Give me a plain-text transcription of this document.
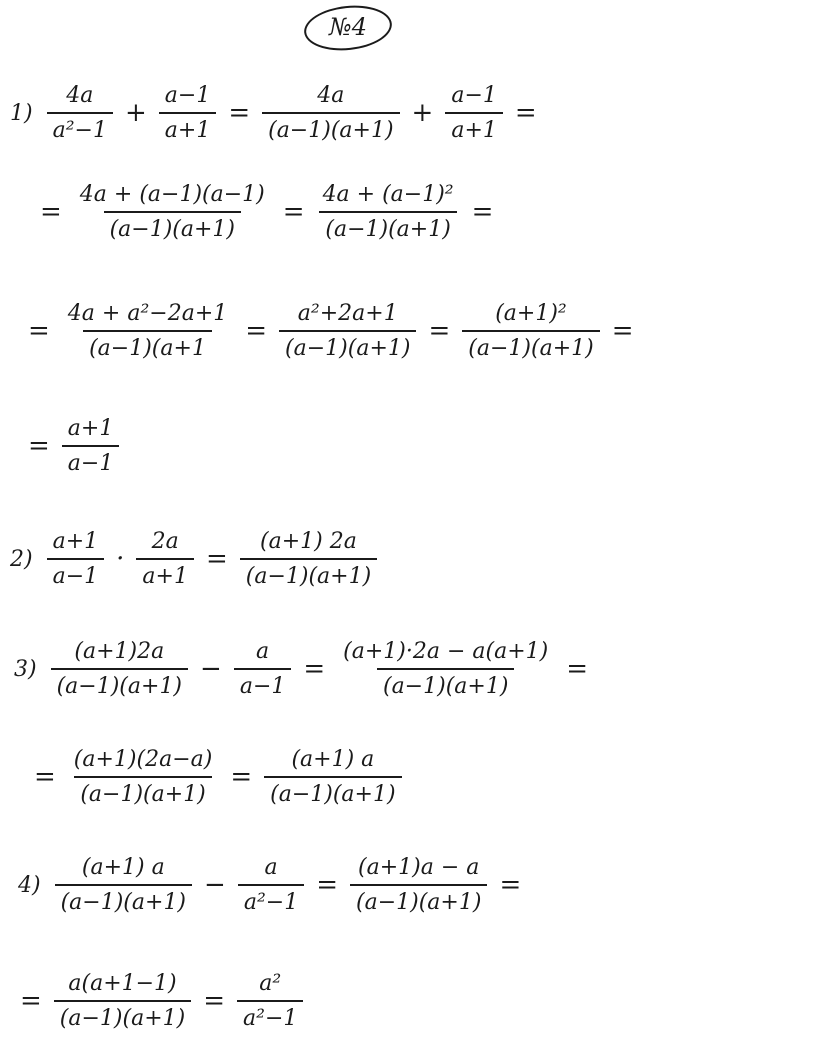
№4
$1) \frac{4a}{\text{a²−1}} + \frac{a-1}{a+1} = \frac{4a}{(a-1)(a+1)} + \frac{a-1}{a+1}$ =
= $\frac{4a + (a-1)(a-1)}{(a-1)(a+1)} = \frac{\text{4a + (a−1)²}}{(a-1)(a+1)}$ =
= $\frac{\text{4a + a²−2a+1}}{(a-1)(a+1} = \frac{\text{a²+2a+1}}{(a-1)(a+1)} = \frac{\text{(a+1)²}}{(a-1)(a+1)}$ =
= $\frac{a+1}{a-1}$
$2) \frac{a+1}{a-1} \cdot \frac{2a}{a+1} = \frac{(a+1) 2a}{(a-1)(a+1)}$
$3) \frac{(a+1)2a}{(a-1)(a+1)} - \frac{a}{a-1} = \frac{(a+1)\cdot 2a - a(a+1)}{(a-1)(a+1)}$ =
= $\frac{(a+1)(2a-a)}{(a-1)(a+1)} = \frac{(a+1) a}{(a-1)(a+1)}$
$4) \frac{(a+1) a}{(a-1)(a+1)} - \frac{a}{\text{a²−1}} = \frac{(a+1)a - a}{(a-1)(a+1)}$ =
= $\frac{a(a+1-1)}{(a-1)(a+1)} = \frac{\text{a²}}{\text{a²−1}}$
